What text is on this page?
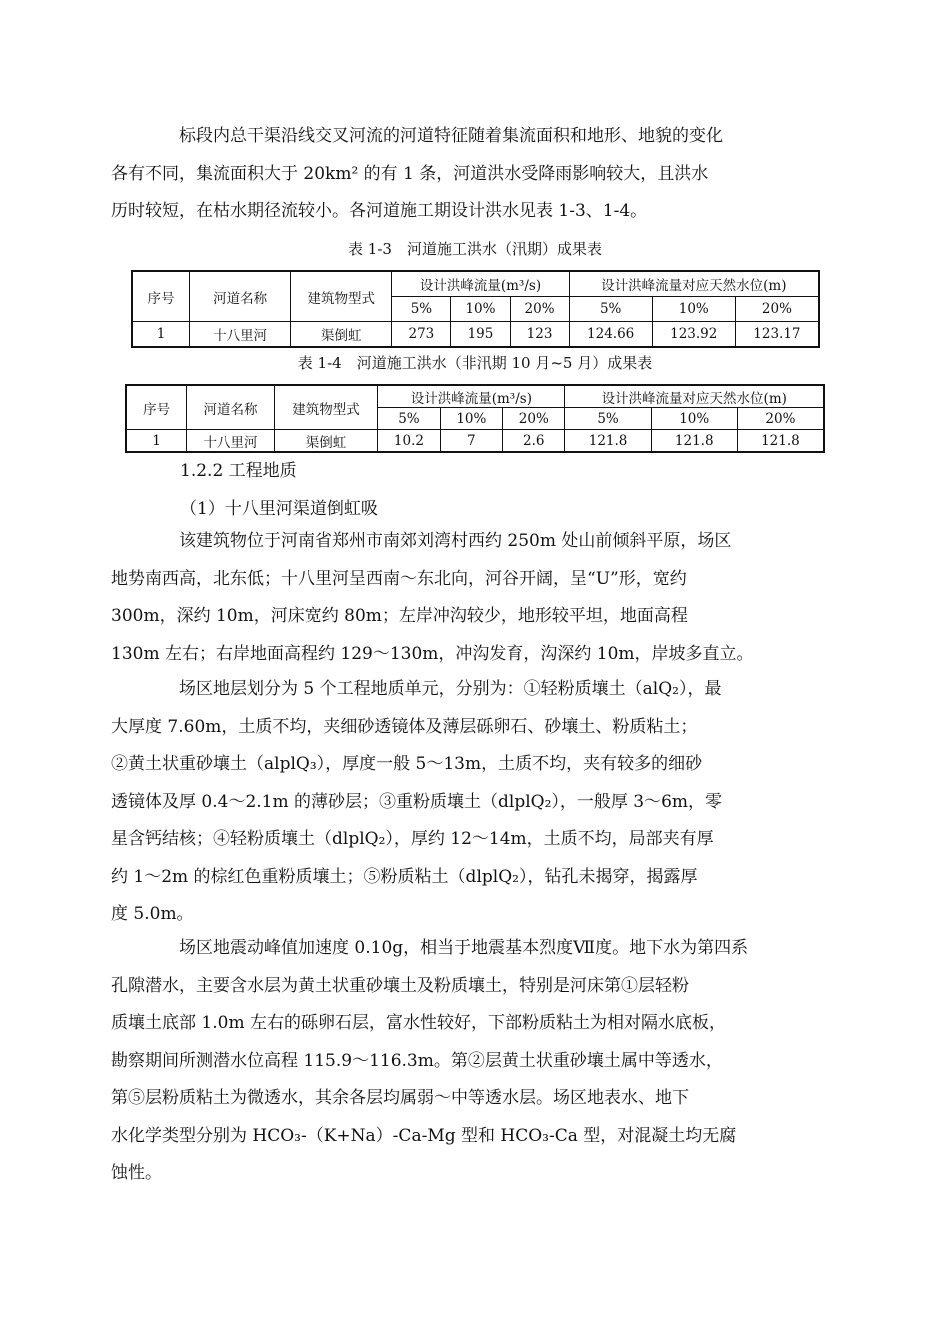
标段内总干渠沿线交叉河流的河道特征随着集流面积和地形、地貌的变化
各有不同，集流面积大于 20km² 的有 1 条，河道洪水受降雨影响较大，且洪水
历时较短，在枯水期径流较小。各河道施工期设计洪水见表 1-3、1-4。

表 1-3　河道施工洪水（汛期）成果表

序号	河道名称	建筑物型式	设计洪峰流量(m³/s)			设计洪峰流量对应天然水位(m)		
			5%	10%	20%	5%	10%	20%
1	十八里河	渠倒虹	273	195	123	124.66	123.92	123.17

表 1-4　河道施工洪水（非汛期 10 月~5 月）成果表

序号	河道名称	建筑物型式	设计洪峰流量(m³/s)			设计洪峰流量对应天然水位(m)		
			5%	10%	20%	5%	10%	20%
1	十八里河	渠倒虹	10.2	7	2.6	121.8	121.8	121.8

1.2.2 工程地质

（1）十八里河渠道倒虹吸

该建筑物位于河南省郑州市南郊刘湾村西约 250m 处山前倾斜平原，场区
地势南西高，北东低；十八里河呈西南～东北向，河谷开阔，呈“U”形，宽约
300m，深约 10m，河床宽约 80m；左岸冲沟较少，地形较平坦，地面高程
130m 左右；右岸地面高程约 129～130m，冲沟发育，沟深约 10m，岸坡多直立。
场区地层划分为 5 个工程地质单元，分别为：①轻粉质壤土（alQ₂），最
大厚度 7.60m，土质不均，夹细砂透镜体及薄层砾卵石、砂壤土、粉质粘土；
②黄土状重砂壤土（alplQ₃），厚度一般 5～13m，土质不均，夹有较多的细砂
透镜体及厚 0.4～2.1m 的薄砂层；③重粉质壤土（dlplQ₂），一般厚 3～6m，零
星含钙结核；④轻粉质壤土（dlplQ₂），厚约 12～14m，土质不均，局部夹有厚
约 1～2m 的棕红色重粉质壤土；⑤粉质粘土（dlplQ₂），钻孔未揭穿，揭露厚
度 5.0m。
场区地震动峰值加速度 0.10g，相当于地震基本烈度Ⅶ度。地下水为第四系
孔隙潜水，主要含水层为黄土状重砂壤土及粉质壤土，特别是河床第①层轻粉
质壤土底部 1.0m 左右的砾卵石层，富水性较好，下部粉质粘土为相对隔水底板，
勘察期间所测潜水位高程 115.9～116.3m。第②层黄土状重砂壤土属中等透水，
第⑤层粉质粘土为微透水，其余各层均属弱～中等透水层。场区地表水、地下
水化学类型分别为 HCO₃-（K+Na）-Ca-Mg 型和 HCO₃-Ca 型，对混凝土均无腐
蚀性。
